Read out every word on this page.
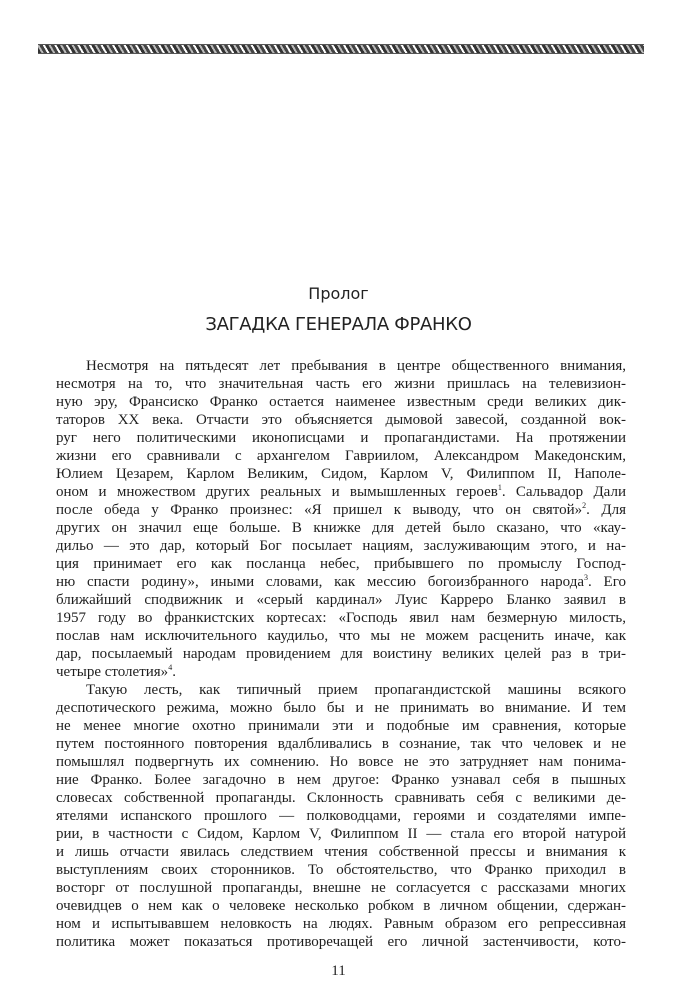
Пролог
ЗАГАДКА ГЕНЕРАЛА ФРАНКО
Несмотря на пятьдесят лет пребывания в центре общественного внимания,
несмотря на то, что значительная часть его жизни пришлась на телевизион-
ную эру, Франсиско Франко остается наименее известным среди великих дик-
таторов XX века. Отчасти это объясняется дымовой завесой, созданной вок-
руг него политическими иконописцами и пропагандистами. На протяжении
жизни его сравнивали с архангелом Гавриилом, Александром Македонским,
Юлием Цезарем, Карлом Великим, Сидом, Карлом V, Филиппом II, Наполе-
оном и множеством других реальных и вымышленных героев$^1$. Сальвадор Дали
после обеда у Франко произнес: «Я пришел к выводу, что он святой»$^2$. Для
других он значил еще больше. В книжке для детей было сказано, что «кау-
дильо — это дар, который Бог посылает нациям, заслуживающим этого, и на-
ция принимает его как посланца небес, прибывшего по промыслу Господ-
ню спасти родину», иными словами, как мессию богоизбранного народа$^3$. Его
ближайший сподвижник и «серый кардинал» Луис Карреро Бланко заявил в
1957 году во франкистских кортесах: «Господь явил нам безмерную милость,
послав нам исключительного каудильо, что мы не можем расценить иначе, как
дар, посылаемый народам провидением для воистину великих целей раз в три-
четыре столетия»$^4$.
Такую лесть, как типичный прием пропагандистской машины всякого
деспотического режима, можно было бы и не принимать во внимание. И тем
не менее многие охотно принимали эти и подобные им сравнения, которые
путем постоянного повторения вдалбливались в сознание, так что человек и не
помышлял подвергнуть их сомнению. Но вовсе не это затрудняет нам понима-
ние Франко. Более загадочно в нем другое: Франко узнавал себя в пышных
словесах собственной пропаганды. Склонность сравнивать себя с великими де-
ятелями испанского прошлого — полководцами, героями и создателями импе-
рии, в частности с Сидом, Карлом V, Филиппом II — стала его второй натурой
и лишь отчасти явилась следствием чтения собственной прессы и внимания к
выступлениям своих сторонников. То обстоятельство, что Франко приходил в
восторг от послушной пропаганды, внешне не согласуется с рассказами многих
очевидцев о нем как о человеке несколько робком в личном общении, сдержан-
ном и испытывавшем неловкость на людях. Равным образом его репрессивная
политика может показаться противоречащей его личной застенчивости, кото-
11
